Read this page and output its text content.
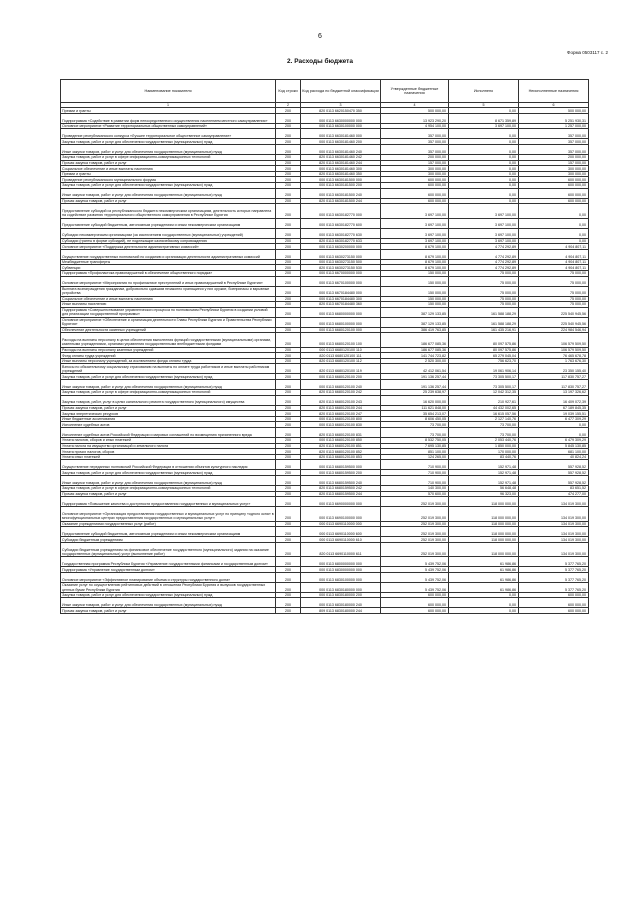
6
Форма 0503117 с. 2
2. Расходы бюджета
Наименование показателя	Код строки	Код расхода по бюджетной классификации	Утвержденные бюджетные назначения	Исполнено	Неисполненные назначения
1	2	3	4	5	6
Премии и гранты	200	820 0113 6620150470 350	500 000,00	0,00	500 000,00
Подпрограмма «Содействие в развитии форм непосредственного осуществления населением местного самоуправления»	200	000 0113 6630000000 000	13 923 290,20	8 671 359,89	5 251 930,31
Основное мероприятие «Развитие территориальных общественных самоуправлений»	200	000 0113 6630100000 000	4 954 100,00	3 697 100,00	1 257 000,00
Проведение республиканского конкурса «Лучшее территориальное общественное самоуправление»	200	000 0113 6630181460 000	357 000,00	0,00	357 000,00
Закупка товаров, работ и услуг для обеспечения государственных (муниципальных) нужд	200	000 0113 6630181460 200	357 000,00	0,00	357 000,00
Иные закупки товаров, работ и услуг для обеспечения государственных (муниципальных) нужд	200	000 0113 6630181460 240	357 000,00	0,00	357 000,00
Закупка товаров, работ и услуг в сфере информационно-коммуникационных технологий	200	820 0113 6630181460 242	200 000,00	0,00	200 000,00
Прочая закупка товаров, работ и услуг	200	820 0113 6630181460 244	157 000,00	0,00	157 000,00
Социальное обеспечение и иные выплаты населению	200	000 0113 6630181460 300	300 000,00	0,00	300 000,00
Премии и гранты	200	820 0113 6630181460 350	300 000,00	0,00	300 000,00
Проведение республиканского муниципального форума	200	000 0113 6630181500 000	600 000,00	0,00	600 000,00
Закупка товаров, работ и услуг для обеспечения государственных (муниципальных) нужд	200	000 0113 6630181500 200	600 000,00	0,00	600 000,00
Иные закупки товаров, работ и услуг для обеспечения государственных (муниципальных) нужд	200	000 0113 6630181500 240	600 000,00	0,00	600 000,00
Прочая закупка товаров, работ и услуг	200	820 0113 6630181500 244	600 000,00	0,00	600 000,00
Предоставление субсидий из республиканского бюджета некоммерческим организациям, деятельность которых направлена на содействие развитию территориального общественного самоуправления в Республике Бурятия	200	000 0113 6630182770 000	3 697 100,00	3 697 100,00	0,00
Предоставление субсидий бюджетным, автономным учреждениям и иным некоммерческим организациям	200	000 0113 6630182770 600	3 697 100,00	3 697 100,00	0,00
Субсидии некоммерческим организациям (за исключением государственных (муниципальных) учреждений)	200	000 0113 6630182770 630	3 697 100,00	3 697 100,00	0,00
Субсидии (гранты в форме субсидий), не подлежащие казначейскому сопровождению	200	820 0113 6630182770 633	3 697 100,00	3 697 100,00	0,00
Основное мероприятие «Поддержка деятельности административных комиссий»	200	000 0113 6630200000 000	8 679 100,00	4 774 292,89	4 904 807,11
Осуществление государственных полномочий по созданию и организации деятельности административных комиссий	200	000 0113 6630273150 000	8 679 100,00	4 774 292,89	4 904 807,11
Межбюджетные трансферты	200	000 0113 6630273150 500	8 679 100,00	4 774 292,89	4 904 807,11
Субвенции	200	820 0113 6630273150 530	8 679 100,00	4 774 292,89	4 904 807,11
Подпрограмма «Профилактика правонарушений в обеспечение общественного порядка»	200	000 0113 6670000000 000	150 000,00	75 000,00	75 000,00
Основное мероприятие «Мероприятия по профилактике преступлений и иных правонарушений в Республике Бурятия»	200	000 0113 6670100000 000	150 000,00	75 000,00	75 000,00
Выплата вознаграждения гражданам, добровольно сдавшим незаконно хранящиеся у них оружие, боеприпасы и взрывные устройства	200	000 0113 6670184480 000	150 000,00	75 000,00	75 000,00
Социальное обеспечение и иные выплаты населению	200	000 0113 6670184480 300	150 000,00	75 000,00	75 000,00
Иные выплаты населению	200	820 0113 6670184480 360	150 000,00	75 000,00	75 000,00
Подпрограмма «Совершенствование управленческого процесса по полномочиям Республики Бурятия в создании условий для реализации государственной программы»	200	000 0113 6680000000 000	387 129 133,85	161 588 188,29	225 540 945,56
Основное мероприятие «Обеспечение и организация деятельности Главы Республики Бурятия и Правительства Республики Бурятия»	200	000 0113 6680100000 000	387 129 133,85	161 588 188,29	225 540 945,56
Обеспечение деятельности казенных учреждений	200	000 0113 6680120100 000	386 419 763,85	161 435 216,91	224 984 546,94
Расходы на выплаты персоналу в целях обеспечения выполнения функций государственными (муниципальными) органами, казенными учреждениями, органами управления государственными внебюджетными фондами	200	000 0113 6680120100 100	186 677 085,36	80 097 575,86	106 579 509,50
Расходы на выплаты персоналу казенных учреждений	200	000 0113 6680120100 110	186 677 085,36	80 097 575,86	106 579 509,50
Фонд оплаты труда учреждений	200	820 0113 6680120100 111	141 744 723,82	65 279 045,04	76 465 678,78
Иные выплаты персоналу учреждений, за исключением фонда оплаты труда	200	820 0113 6680120100 112	2 520 300,00	756 623,70	1 763 676,30
Взносы по обязательному социальному страхованию на выплаты по оплате труда работников и иные выплаты работникам учреждений	200	820 0113 6680120100 119	42 412 061,54	19 061 906,14	23 350 155,40
Закупка товаров, работ и услуг для обеспечения государственных (муниципальных) нужд	200	000 0113 6680120100 200	191 136 257,44	73 305 500,17	117 830 757,27
Иные закупки товаров, работ и услуг для обеспечения государственных (муниципальных) нужд	200	000 0113 6680120100 240	191 136 257,44	73 305 500,17	117 830 757,27
Закупка товаров, работ и услуг в сфере информационно-коммуникационных технологий	200	820 0113 6680120100 242	25 239 638,97	12 042 312,35	13 197 326,62
Закупка товаров, работ, услуг в целях капитального ремонта государственного (муниципального) имущества	200	820 0113 6680120100 243	16 620 000,00	210 927,61	16 409 072,39
Прочая закупка товаров, работ и услуг	200	820 0113 6680120100 244	111 621 848,00	44 432 002,65	67 189 845,35
Закупка энергетических ресурсов	200	820 0113 6680120100 247	35 654 213,07	16 615 057,56	19 039 155,51
Иные бюджетные ассигнования	200	000 0113 6680120100 800	8 606 450,05	2 127 140,76	6 477 309,29
Исполнение судебных актов	200	000 0113 6680120100 830	73 700,00	73 700,00	0,00
Исполнение судебных актов Российской Федерации и мировых соглашений по возмещению причиненного вреда	200	820 0113 6680120100 831	73 700,00	73 700,00	0,00
Уплата налогов, сборов и иных платежей	200	000 0113 6680120100 850	8 532 750,05	2 053 440,76	6 479 309,29
Уплата налога на имущество организаций и земельного налога	200	820 0113 6680120100 851	7 695 130,85	1 850 000,00	5 845 130,85
Уплата прочих налогов, сборов	200	820 0113 6680120100 852	851 100,00	170 000,00	681 100,00
Уплата иных платежей	200	820 0113 6680120100 853	124 265,00	83 440,76	40 824,24
Осуществление переданных полномочий Российской Федерации в отношении объектов культурного наследия	200	000 0113 6680159500 000	710 900,00	152 971,48	557 928,52
Закупка товаров, работ и услуг для обеспечения государственных (муниципальных) нужд	200	000 0113 6680159500 200	710 900,00	152 971,48	557 928,52
Иные закупки товаров, работ и услуг для обеспечения государственных (муниципальных) нужд	200	000 0113 6680159500 240	710 900,00	152 971,48	557 928,52
Закупка товаров, работ и услуг в сфере информационно-коммуникационных технологий	200	820 0113 6680159500 242	140 300,00	56 648,48	83 651,52
Прочая закупка товаров, работ и услуг	200	820 0113 6680159500 244	570 600,00	96 323,00	474 277,00
Подпрограмма «Повышение качества и доступности предоставления государственных и муниципальных услуг»	200	000 0113 6690000000 000	252 019 300,00	118 000 000,00	134 019 300,00
Основное мероприятие «Организация предоставления государственных и муниципальных услуг по принципу «одного окна» в многофункциональных центрах предоставления государственных и муниципальных услуг»	200	000 0113 6690100000 000	252 019 300,00	118 000 000,00	134 019 300,00
Оказание учреждениями государственных услуг (работ)	200	000 0113 6690110000 000	252 019 300,00	118 000 000,00	134 019 300,00
Предоставление субсидий бюджетным, автономным учреждениям и иным некоммерческим организациям	200	000 0113 6690110000 600	252 019 300,00	118 000 000,00	134 019 300,00
Субсидии бюджетным учреждениям	200	000 0113 6690110000 610	252 019 300,00	118 000 000,00	134 019 300,00
Субсидии бюджетным учреждениям на финансовое обеспечение государственного (муниципального) задания на оказание государственных (муниципальных) услуг (выполнение работ)	200	820 0113 6690110000 611	252 019 300,00	118 000 000,00	134 019 300,00
Государственная программа Республики Бурятия «Управление государственными финансами и государственным долгом»	200	000 0113 6800000000 000	5 439 752,06	61 986,86	5 377 765,20
Подпрограмма «Управление государственным долгом»	200	000 0113 6830000000 000	5 439 752,06	61 986,86	5 377 765,20
Основное мероприятие «Эффективное планирование объема и структуры государственного долга»	200	000 0113 6830100000 000	5 439 752,06	61 986,86	5 377 765,20
Оказание услуг по осуществлению рейтинговых действий в отношении Республики Бурятия и выпусков государственных ценных бумаг Республики Бурятия	200	000 0113 6830180000 000	5 439 752,06	61 986,86	5 377 765,20
Закупка товаров, работ и услуг для обеспечения государственных (муниципальных) нужд	200	000 0113 6830180000 200	600 000,00	0,00	600 000,00
Иные закупки товаров, работ и услуг для обеспечения государственных (муниципальных) нужд	200	000 0113 6830180000 240	600 000,00	0,00	600 000,00
Прочая закупка товаров, работ и услуг	200	809 0113 6830180000 244	600 000,00	0,00	600 000,00
